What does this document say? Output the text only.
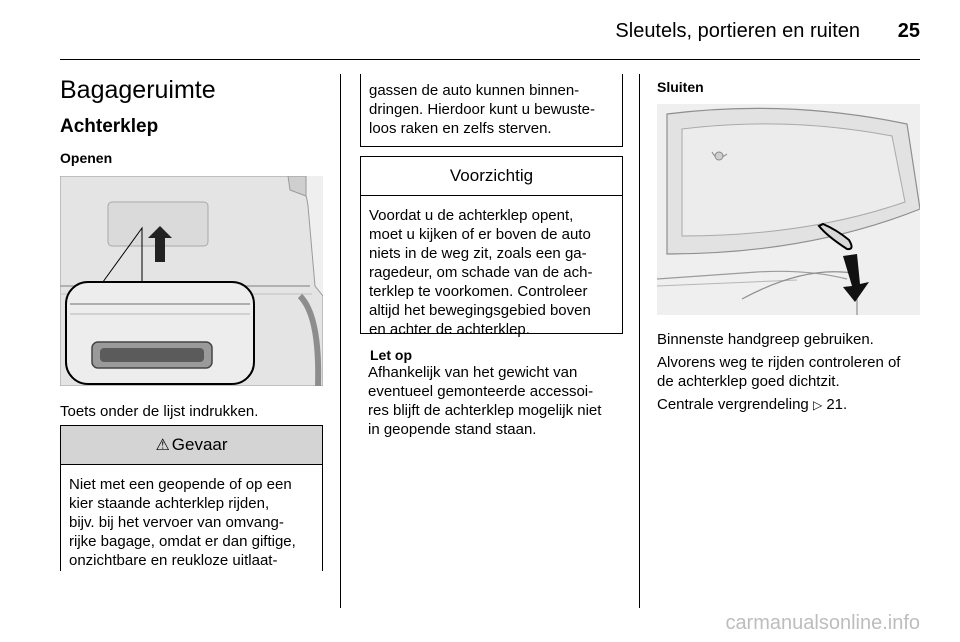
Sleutels, portieren en ruiten	25
Bagageruimte
Achterklep
Openen
Toets onder de lijst indrukken.
⚠ Gevaar
Niet met een geopende of op een
kier staande achterklep rijden,
bijv. bij het vervoer van omvang-
rijke bagage, omdat er dan giftige,
onzichtbare en reukloze uitlaat-
gassen de auto kunnen binnen-
dringen. Hierdoor kunt u bewuste-
loos raken en zelfs sterven.
Voorzichtig
Voordat u de achterklep opent,
moet u kijken of er boven de auto
niets in de weg zit, zoals een ga-
ragedeur, om schade van de ach-
terklep te voorkomen. Controleer
altijd het bewegingsgebied boven
en achter de achterklep.
Let op
Afhankelijk van het gewicht van
eventueel gemonteerde accessoi-
res blijft de achterklep mogelijk niet
in geopende stand staan.
Sluiten
Binnenste handgreep gebruiken.
Alvorens weg te rijden controleren of
de achterklep goed dichtzit.
Centrale vergrendeling ▷ 21.
carmanualsonline.info
